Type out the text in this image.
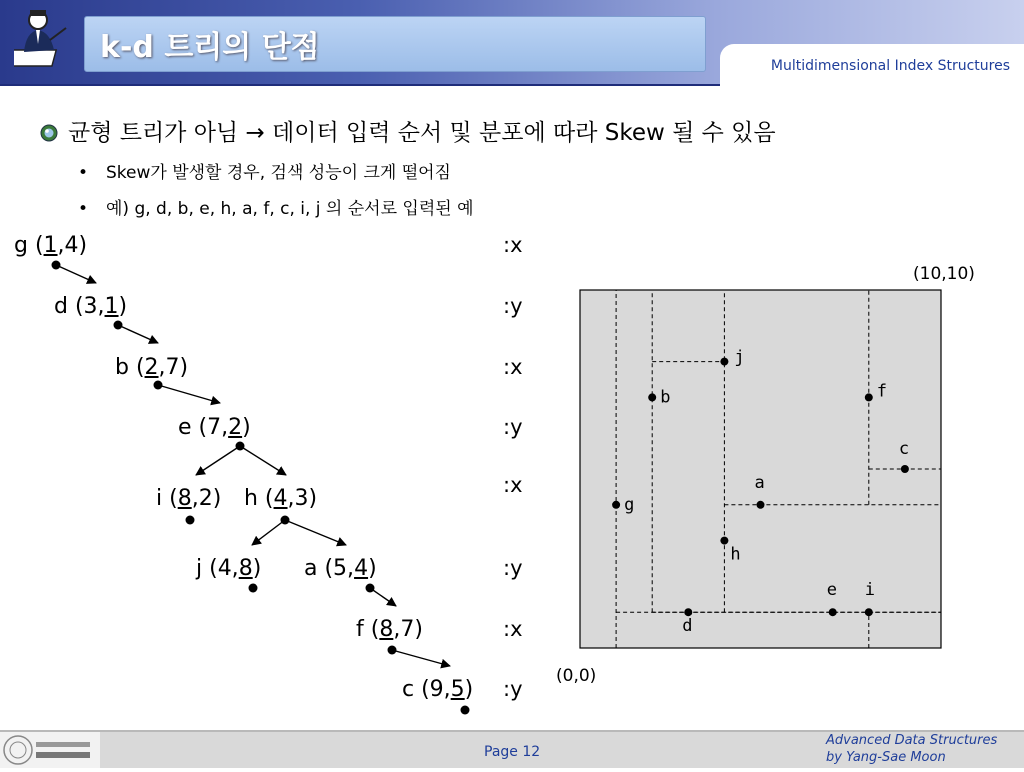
k-d 트리의 단점
Multidimensional Index Structures
균형 트리가 아님 → 데이터 입력 순서 및 분포에 따라 Skew 될 수 있음
• Skew가 발생할 경우, 검색 성능이 크게 떨어짐
• 예) g, d, b, e, h, a, f, c, i, j 의 순서로 입력된 예
g (1,4)
d (3,1)
b (2,7)
e (7,2)
i (8,2) h (4,3)
j (4,8) a (5,4)
f (8,7)
c (9,5)
:x
:y
:x
:y
:x
:y
:x
:y
j
b	f
c
a
g
h
e i
d
(10,10)
(0,0)
Page 12
Advanced Data Structures
by Yang-Sae Moon
